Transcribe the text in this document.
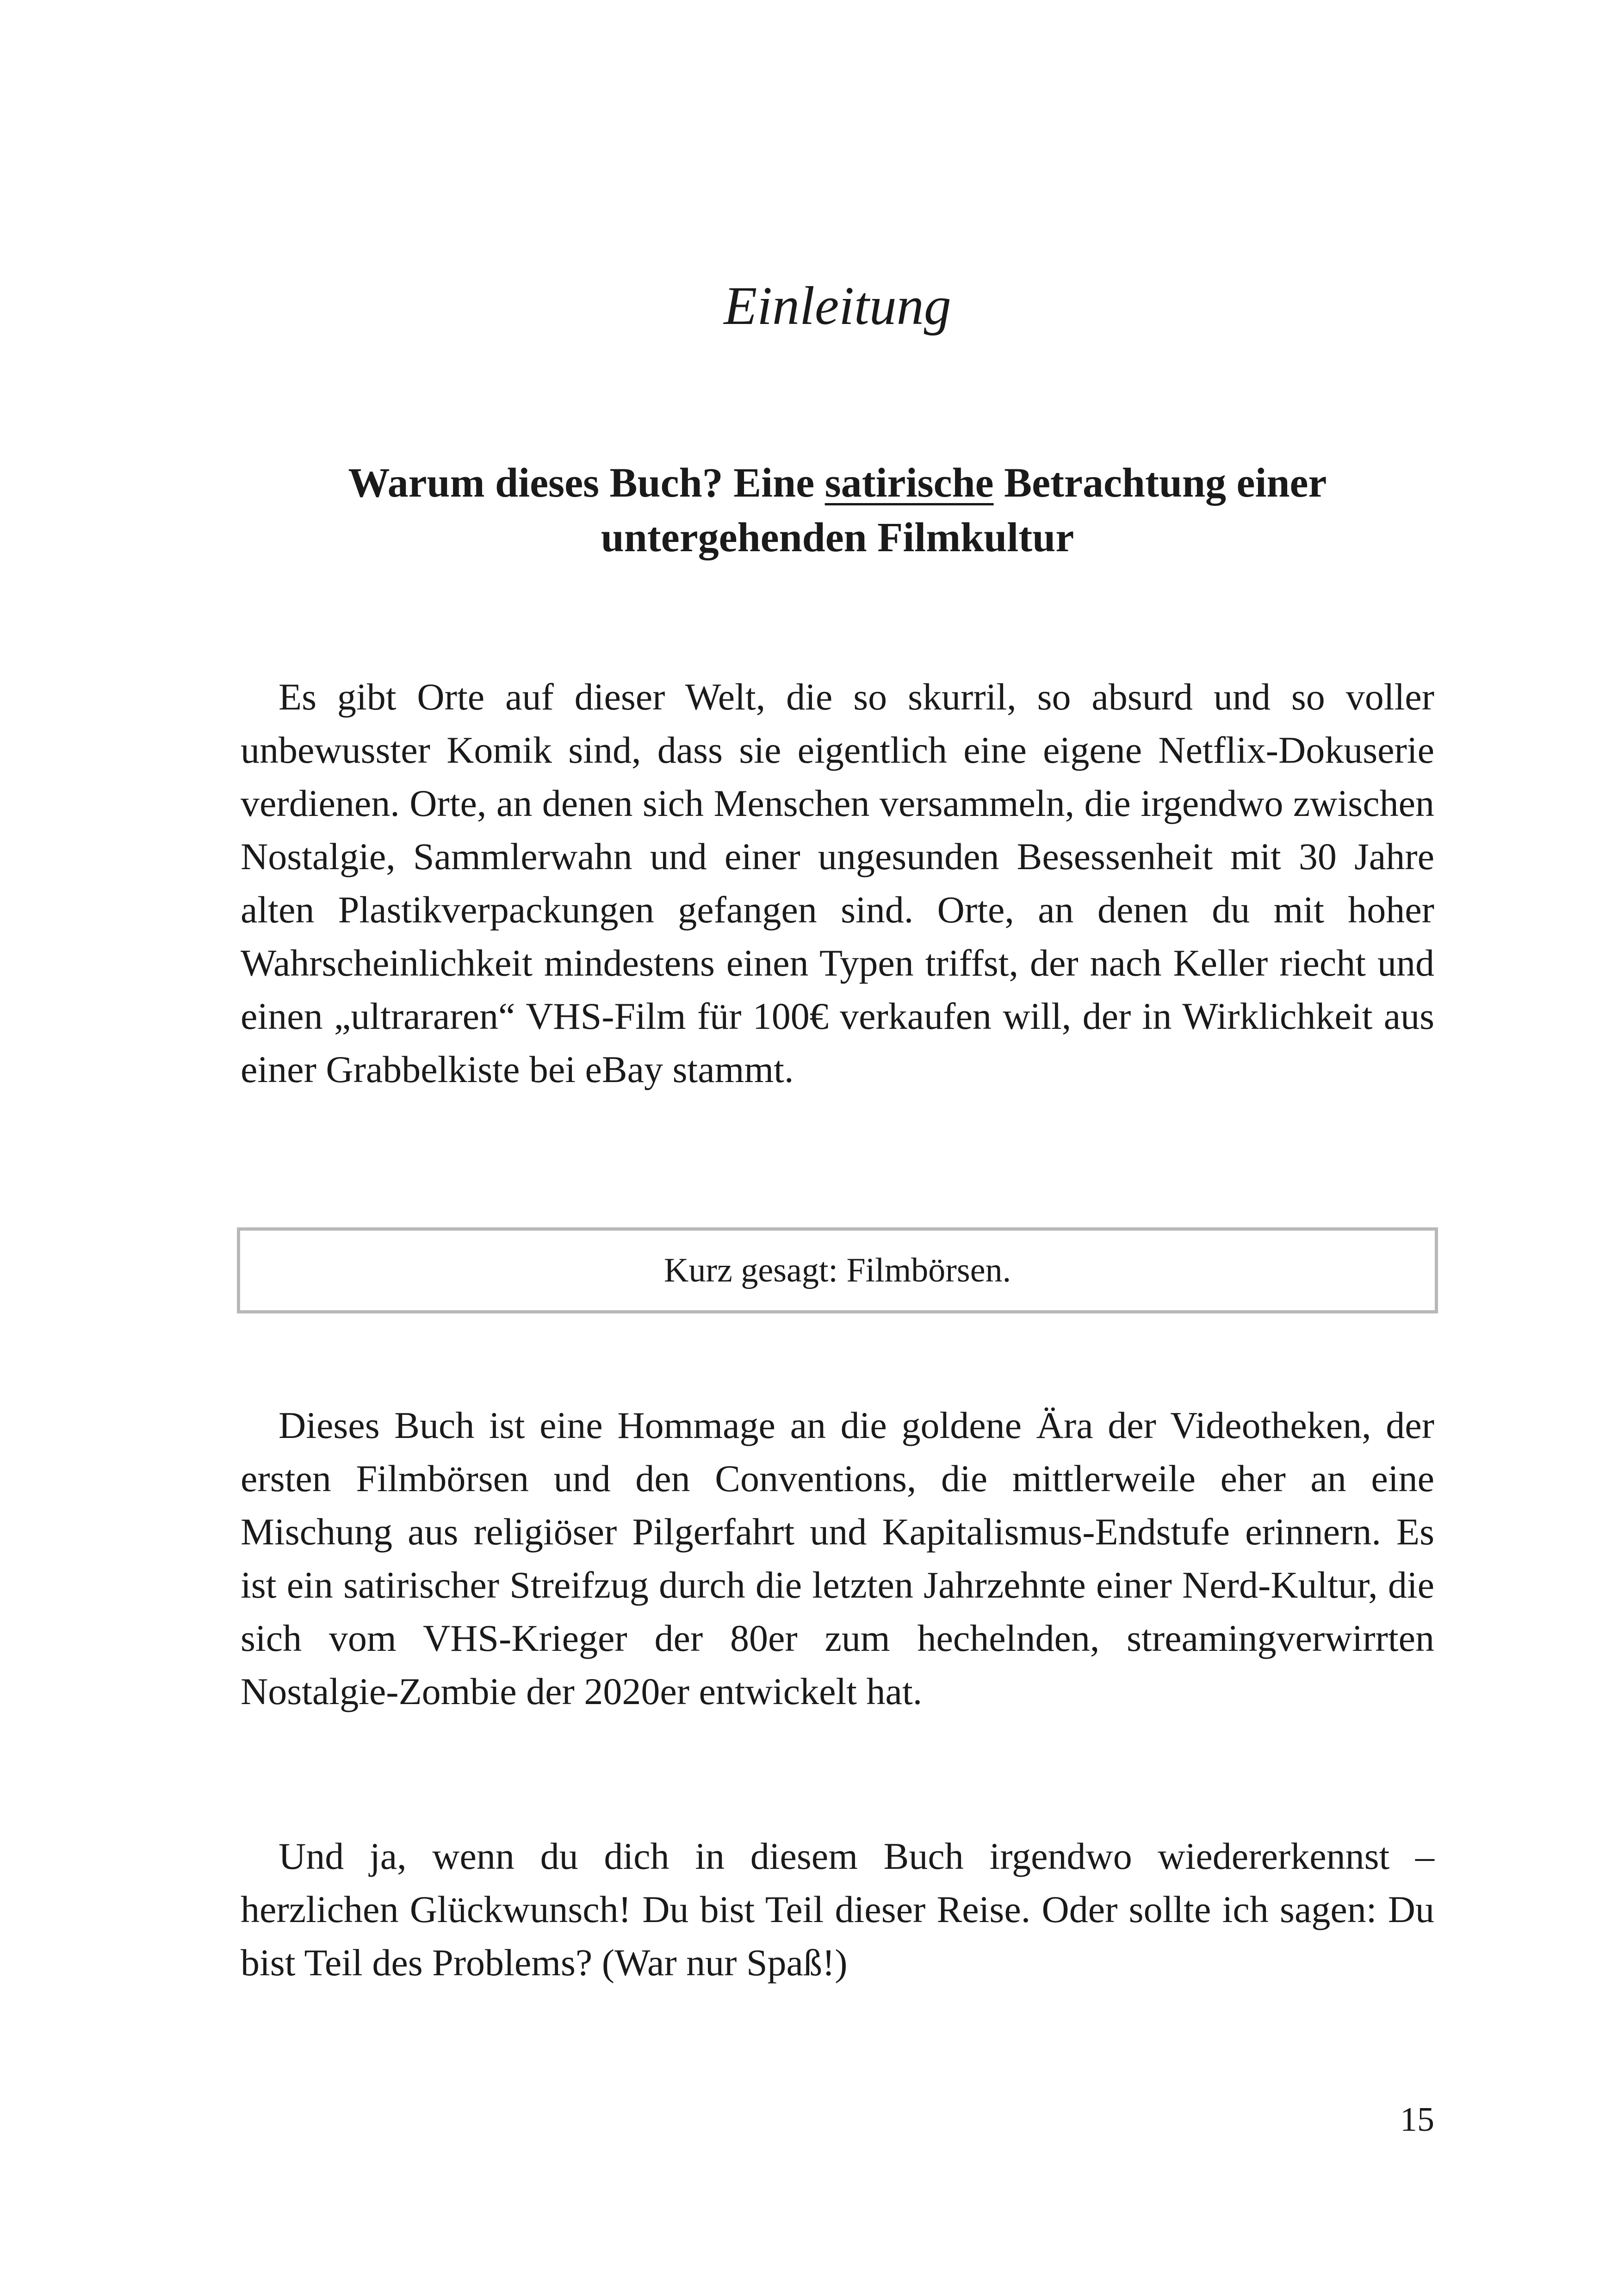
Einleitung
Warum dieses Buch? Eine satirische Betrachtung einer untergehenden Filmkultur

Es gibt Orte auf dieser Welt, die so skurril, so absurd und so voller unbewusster Komik sind, dass sie eigentlich eine eigene Netflix-Dokuserie verdienen. Orte, an denen sich Menschen versammeln, die irgendwo zwischen Nostalgie, Sammlerwahn und einer ungesunden Besessenheit mit 30 Jahre alten Plastikverpackungen gefangen sind. Orte, an denen du mit hoher Wahrscheinlichkeit mindestens einen Typen triffst, der nach Keller riecht und einen „ultrararen“ VHS-Film für 100€ verkaufen will, der in Wirklichkeit aus einer Grabbelkiste bei eBay stammt.

Kurz gesagt: Filmbörsen.

Dieses Buch ist eine Hommage an die goldene Ära der Videotheken, der ersten Filmbörsen und den Conventions, die mittlerweile eher an eine Mischung aus religiöser Pilgerfahrt und Kapitalismus-Endstufe erinnern. Es ist ein satirischer Streifzug durch die letzten Jahrzehnte einer Nerd-Kultur, die sich vom VHS-Krieger der 80er zum hechelnden, streamingverwirrten Nostalgie-Zombie der 2020er entwickelt hat.

Und ja, wenn du dich in diesem Buch irgendwo wiedererkennst – herzlichen Glückwunsch! Du bist Teil dieser Reise. Oder sollte ich sagen: Du bist Teil des Problems? (War nur Spaß!)

15
